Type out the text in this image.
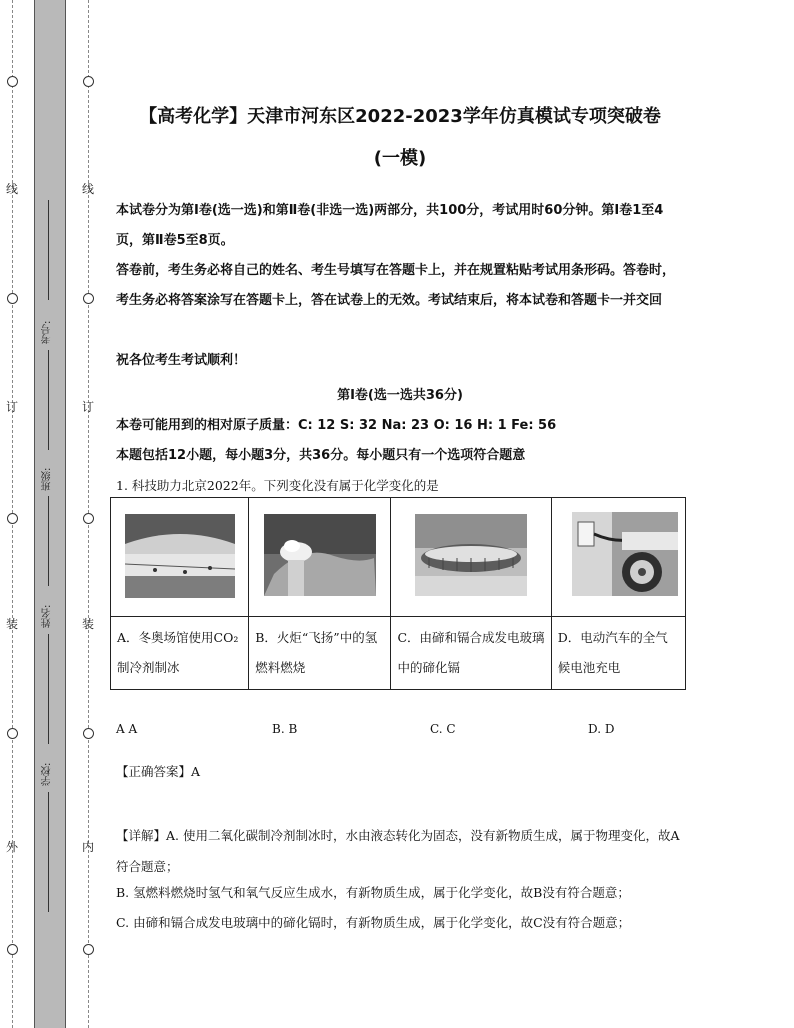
线
订
装
外
线
订
装
内
考号:
班级:
姓名:
学校:
【高考化学】天津市河东区2022-2023学年仿真模试专项突破卷
(一模)
本试卷分为第Ⅰ卷(选一选)和第Ⅱ卷(非选一选)两部分，共100分，考试用时60分钟。第Ⅰ卷1至4页，第Ⅱ卷5至8页。
答卷前，考生务必将自己的姓名、考生号填写在答题卡上，并在规置粘贴考试用条形码。答卷时，考生务必将答案涂写在答题卡上，答在试卷上的无效。考试结束后，将本试卷和答题卡一并交回
祝各位考生考试顺利！
第Ⅰ卷(选一选共36分)
本卷可能用到的相对原子质量：C: 12 S: 32 Na: 23 O: 16 H: 1 Fe: 56
本题包括12小题，每小题3分，共36分。每小题只有一个选项符合题意
1. 科技助力北京2022年。下列变化没有属于化学变化的是

A．冬奥场馆使用CO₂制冷剂制冰	B．火炬“飞扬”中的氢燃料燃烧	C．由碲和镉合成发电玻璃中的碲化镉	D．电动汽车的全气候电池充电
A A	B. B	C. C	D. D
【正确答案】A
【详解】A. 使用二氧化碳制冷剂制冰时，水由液态转化为固态，没有新物质生成，属于物理变化，故A符合题意；
B. 氢燃料燃烧时氢气和氧气反应生成水，有新物质生成，属于化学变化，故B没有符合题意；
C. 由碲和镉合成发电玻璃中的碲化镉时，有新物质生成，属于化学变化，故C没有符合题意；
